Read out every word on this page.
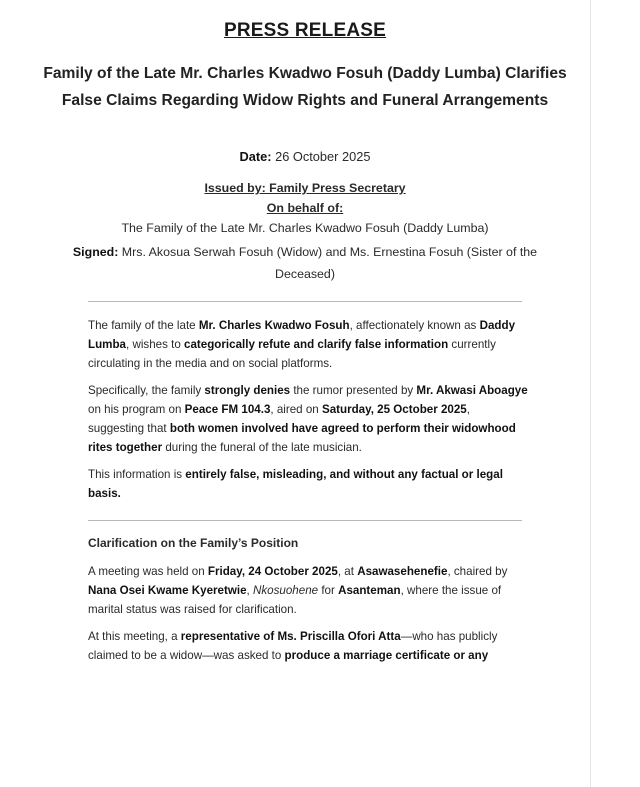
PRESS RELEASE
Family of the Late Mr. Charles Kwadwo Fosuh (Daddy Lumba) Clarifies False Claims Regarding Widow Rights and Funeral Arrangements
Date: 26 October 2025
Issued by: Family Press Secretary
On behalf of:
The Family of the Late Mr. Charles Kwadwo Fosuh (Daddy Lumba)
Signed: Mrs. Akosua Serwah Fosuh (Widow) and Ms. Ernestina Fosuh (Sister of the Deceased)
The family of the late Mr. Charles Kwadwo Fosuh, affectionately known as Daddy Lumba, wishes to categorically refute and clarify false information currently circulating in the media and on social platforms.
Specifically, the family strongly denies the rumor presented by Mr. Akwasi Aboagye on his program on Peace FM 104.3, aired on Saturday, 25 October 2025, suggesting that both women involved have agreed to perform their widowhood rites together during the funeral of the late musician.
This information is entirely false, misleading, and without any factual or legal basis.
Clarification on the Family’s Position
A meeting was held on Friday, 24 October 2025, at Asawasehenefie, chaired by Nana Osei Kwame Kyeretwie, Nkosuohene for Asanteman, where the issue of marital status was raised for clarification.
At this meeting, a representative of Ms. Priscilla Ofori Atta—who has publicly claimed to be a widow—was asked to produce a marriage certificate or any
